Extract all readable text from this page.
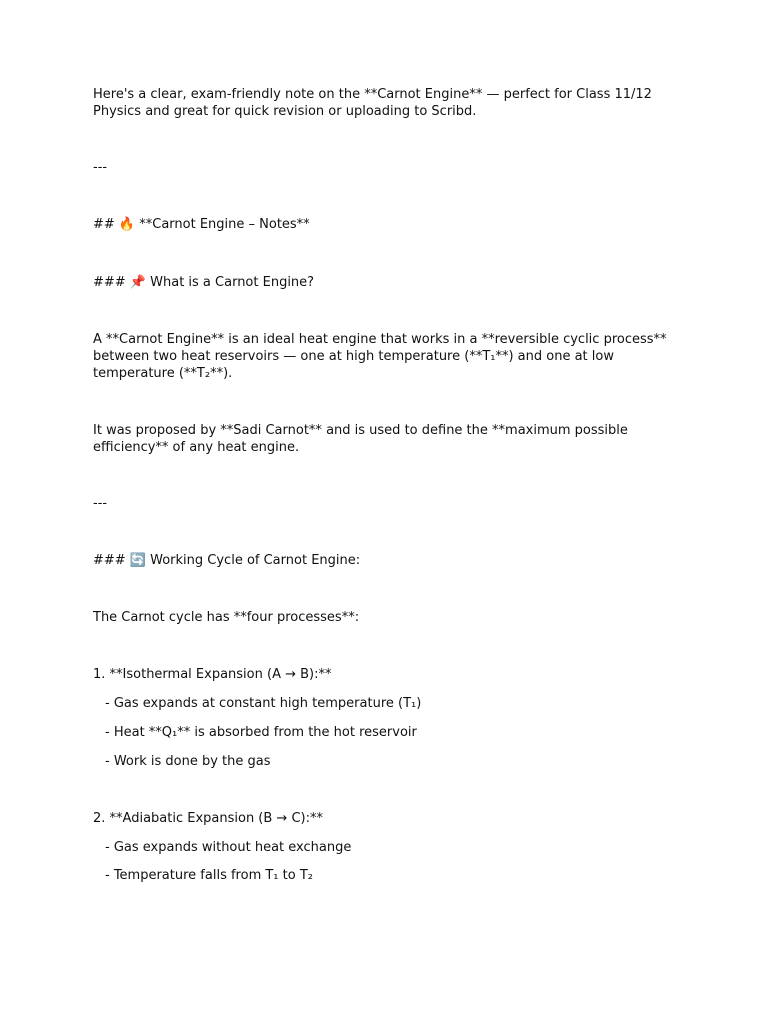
Here's a clear, exam-friendly note on the **Carnot Engine** — perfect for Class 11/12 Physics and great for quick revision or uploading to Scribd.
---
## 🔥 **Carnot Engine – Notes**
### 📌 What is a Carnot Engine?
A **Carnot Engine** is an ideal heat engine that works in a **reversible cyclic process** between two heat reservoirs — one at high temperature (**T₁**) and one at low temperature (**T₂**).
It was proposed by **Sadi Carnot** and is used to define the **maximum possible efficiency** of any heat engine.
---
### 🔄 Working Cycle of Carnot Engine:
The Carnot cycle has **four processes**:
1. **Isothermal Expansion (A → B):**
- Gas expands at constant high temperature (T₁)
- Heat **Q₁** is absorbed from the hot reservoir
- Work is done by the gas
2. **Adiabatic Expansion (B → C):**
- Gas expands without heat exchange
- Temperature falls from T₁ to T₂
